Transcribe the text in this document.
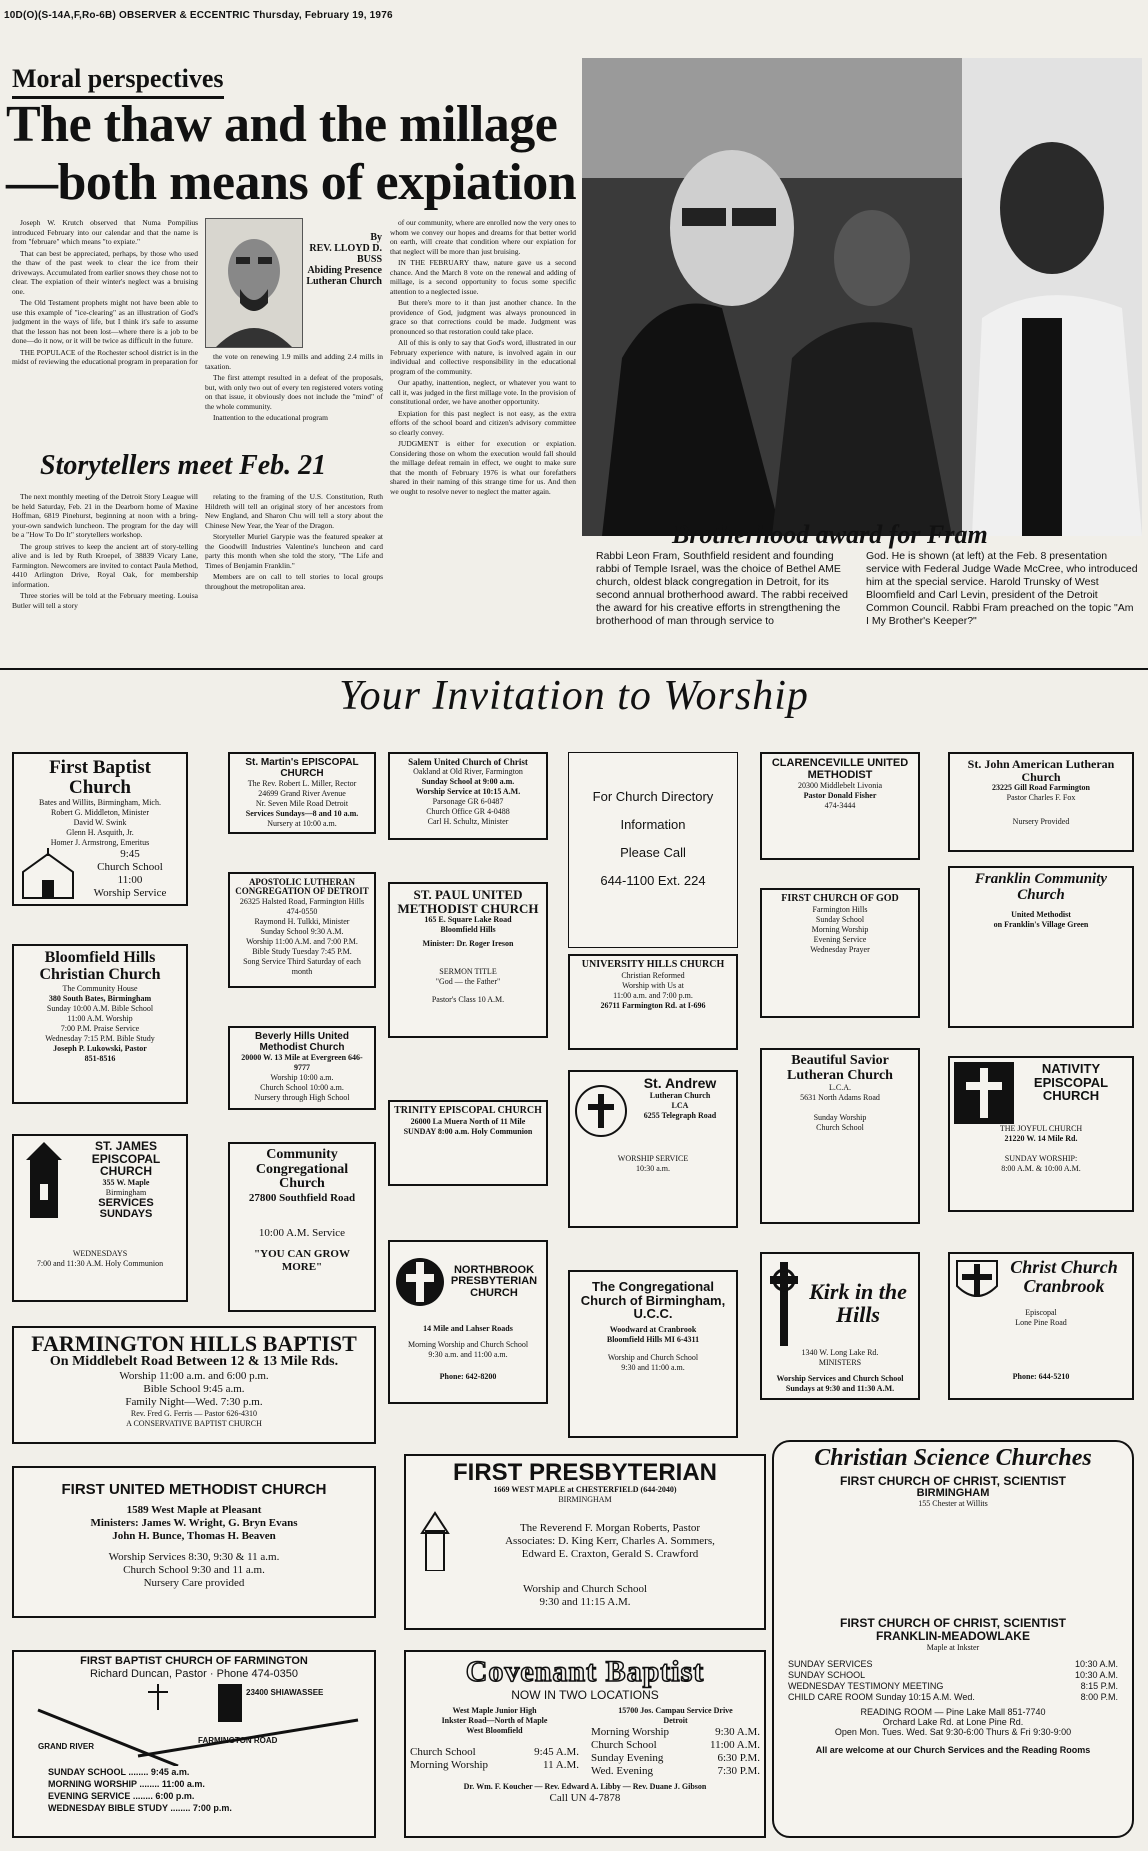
10D(O)(S-14A,F,Ro-6B) OBSERVER & ECCENTRIC Thursday, February 19, 1976
Moral perspectives
The thaw and the millage
—both means of expiation

Joseph W. Krutch observed that Numa Pompilius introduced February into our calendar and that the name is from "februare" which means "to expiate."

That can best be appreciated, perhaps, by those who used the thaw of the past week to clear the ice from their driveways. Accumulated from earlier snows they chose not to clear. The expiation of their winter's neglect was a bruising one.

The Old Testament prophets might not have been able to use this example of "ice-clearing" as an illustration of God's judgment in the ways of life, but I think it's safe to assume that the lesson has not been lost—where there is a job to be done—do it now, or it will be twice as difficult in the future.

THE POPULACE of the Rochester school district is in the midst of reviewing the educational program in preparation for

By
REV. LLOYD D. BUSS
Abiding Presence Lutheran Church

the vote on renewing 1.9 mills and adding 2.4 mills in taxation.

The first attempt resulted in a defeat of the proposals, but, with only two out of every ten registered voters voting on that issue, it obviously does not include the "mind" of the whole community.

Inattention to the educational program

of our community, where are enrolled now the very ones to whom we convey our hopes and dreams for that better world on earth, will create that condition where our expiation for that neglect will be more than just bruising.

IN THE FEBRUARY thaw, nature gave us a second chance. And the March 8 vote on the renewal and adding of millage, is a second opportunity to focus some specific attention to a neglected issue.

But there's more to it than just another chance. In the providence of God, judgment was always pronounced in grace so that corrections could be made. Judgment was pronounced so that restoration could take place.

All of this is only to say that God's word, illustrated in our February experience with nature, is involved again in our individual and collective responsibility in the educational program of the community.

Our apathy, inattention, neglect, or whatever you want to call it, was judged in the first millage vote. In the provision of constitutional order, we have another opportunity.

Expiation for this past neglect is not easy, as the extra efforts of the school board and citizen's advisory committee so clearly convey.

JUDGMENT is either for execution or expiation. Considering those on whom the execution would fall should the millage defeat remain in effect, we ought to make sure that the month of February 1976 is what our forefathers shared in their naming of this strange time for us. And then we ought to resolve never to neglect the matter again.

Storytellers meet Feb. 21

The next monthly meeting of the Detroit Story League will be held Saturday, Feb. 21 in the Dearborn home of Maxine Hoffman, 6819 Pinehurst, beginning at noon with a bring-your-own sandwich luncheon. The program for the day will be a "How To Do It" storytellers workshop.

The group strives to keep the ancient art of story-telling alive and is led by Ruth Kroepel, of 38839 Vicary Lane, Farmington. Newcomers are invited to contact Paula Method, 4410 Arlington Drive, Royal Oak, for membership information.

Three stories will be told at the February meeting. Louisa Butler will tell a story

relating to the framing of the U.S. Constitution, Ruth Hildreth will tell an original story of her ancestors from New England, and Sharon Chu will tell a story about the Chinese New Year, the Year of the Dragon.

Storyteller Muriel Garypie was the featured speaker at the Goodwill Industries Valentine's luncheon and card party this month when she told the story, "The Life and Times of Benjamin Franklin."

Members are on call to tell stories to local groups throughout the metropolitan area.

Brotherhood award for Fram
Rabbi Leon Fram, Southfield resident and founding rabbi of Temple Israel, was the choice of Bethel AME church, oldest black congregation in Detroit, for its second annual brotherhood award. The rabbi received the award for his creative efforts in strengthening the brotherhood of man through service to
God. He is shown (at left) at the Feb. 8 presentation service with Federal Judge Wade McCree, who introduced him at the special service. Harold Trunsky of West Bloomfield and Carl Levin, president of the Detroit Common Council. Rabbi Fram preached on the topic "Am I My Brother's Keeper?"
Your Invitation to Worship
First Baptist Church
Bates and Willits, Birmingham, Mich.
Robert G. Middleton, Minister
David W. Swink
Glenn H. Asquith, Jr.
Homer J. Armstrong, Emeritus
9:45
Church School
11:00
Worship Service
Bloomfield Hills Christian Church
The Community House
380 South Bates, Birmingham
Sunday 10:00 A.M. Bible School
11:00 A.M. Worship
7:00 P.M. Praise Service
Wednesday 7:15 P.M. Bible Study
Joseph P. Lukowski, Pastor
851-8516
ST. JAMES EPISCOPAL CHURCH
355 W. Maple
Birmingham
SERVICES
SUNDAYS
WEDNESDAYS
7:00 and 11:30 A.M. Holy Communion
St. Martin's EPISCOPAL CHURCH
The Rev. Robert L. Miller, Rector
24699 Grand River Avenue
Nr. Seven Mile Road Detroit
Services Sundays—8 and 10 a.m.
Nursery at 10:00 a.m.
APOSTOLIC LUTHERAN CONGREGATION OF DETROIT
26325 Halsted Road, Farmington Hills
474-0550
Raymond H. Tulkki, Minister
Sunday School 9:30 A.M.
Worship 11:00 A.M. and 7:00 P.M.
Bible Study Tuesday 7:45 P.M.
Song Service Third Saturday of each month
Beverly Hills United Methodist Church
20000 W. 13 Mile at Evergreen 646-9777
Worship 10:00 a.m.
Church School 10:00 a.m.
Nursery through High School
Community Congregational Church
27800 Southfield Road
10:00 A.M. Service
"YOU CAN GROW MORE"
Salem United Church of Christ
Oakland at Old River, Farmington
Sunday School at 9:00 a.m.
Worship Service at 10:15 A.M.
Parsonage GR 6-0487
Church Office GR 4-0488
Carl H. Schultz, Minister
ST. PAUL UNITED METHODIST CHURCH
165 E. Square Lake Road
Bloomfield Hills
Minister: Dr. Roger Ireson
SERMON TITLE
"God — the Father"
Pastor's Class 10 A.M.
TRINITY EPISCOPAL CHURCH
26000 La Muera North of 11 Mile
SUNDAY 8:00 a.m. Holy Communion
NORTHBROOK PRESBYTERIAN CHURCH
14 Mile and Lahser Roads
Morning Worship and Church School
9:30 a.m. and 11:00 a.m.
Phone: 642-8200
For Church Directory
Information
Please Call
644-1100 Ext. 224
UNIVERSITY HILLS CHURCH
Christian Reformed
Worship with Us at
11:00 a.m. and 7:00 p.m.
26711 Farmington Rd. at I-696
St. Andrew
Lutheran Church
LCA
6255 Telegraph Road
WORSHIP SERVICE
10:30 a.m.
The Congregational Church of Birmingham, U.C.C.
Woodward at Cranbrook
Bloomfield Hills MI 6-4311
Worship and Church School
9:30 and 11:00 a.m.
CLARENCEVILLE UNITED METHODIST
20300 Middlebelt Livonia
Pastor Donald Fisher
474-3444
FIRST CHURCH OF GOD
Farmington Hills
Sunday School
Morning Worship
Evening Service
Wednesday Prayer
Beautiful Savior Lutheran Church
L.C.A.
5631 North Adams Road
Sunday Worship
Church School
Kirk in the Hills
1340 W. Long Lake Rd.
MINISTERS
Worship Services and Church School
Sundays at 9:30 and 11:30 A.M.
St. John American Lutheran Church
23225 Gill Road Farmington
Pastor Charles F. Fox
Nursery Provided
Franklin Community Church
United Methodist
on Franklin's Village Green
NATIVITY EPISCOPAL CHURCH
THE JOYFUL CHURCH
21220 W. 14 Mile Rd.
SUNDAY WORSHIP:
8:00 A.M. & 10:00 A.M.
Christ Church Cranbrook
Episcopal
Lone Pine Road
Phone: 644-5210
FARMINGTON HILLS BAPTIST
On Middlebelt Road Between 12 & 13 Mile Rds.
Worship 11:00 a.m. and 6:00 p.m.
Bible School 9:45 a.m.
Family Night—Wed. 7:30 p.m.
Rev. Fred G. Ferris — Pastor 626-4310
A CONSERVATIVE BAPTIST CHURCH
FIRST UNITED METHODIST CHURCH
1589 West Maple at Pleasant
Ministers: James W. Wright, G. Bryn Evans
John H. Bunce, Thomas H. Beaven
Worship Services 8:30, 9:30 & 11 a.m.
Church School 9:30 and 11 a.m.
Nursery Care provided
FIRST BAPTIST CHURCH OF FARMINGTON
Richard Duncan, Pastor · Phone 474-0350
23400 SHIAWASSEE
FARMINGTON ROAD
GRAND RIVER
SUNDAY SCHOOL ........ 9:45 a.m.
MORNING WORSHIP ........ 11:00 a.m.
EVENING SERVICE ........ 6:00 p.m.
WEDNESDAY BIBLE STUDY ........ 7:00 p.m.
FIRST PRESBYTERIAN
1669 WEST MAPLE at CHESTERFIELD (644-2040)
BIRMINGHAM
The Reverend F. Morgan Roberts, Pastor
Associates: D. King Kerr, Charles A. Sommers,
Edward E. Craxton, Gerald S. Crawford
Worship and Church School
9:30 and 11:15 A.M.
Covenant Baptist
NOW IN TWO LOCATIONS
West Maple Junior High
Inkster Road—North of Maple
West Bloomfield
Church School	9:45 A.M.
Morning Worship	11 A.M.
15700 Jos. Campau Service Drive
Detroit
Morning Worship	9:30 A.M.
Church School	11:00 A.M.
Sunday Evening	6:30 P.M.
Wed. Evening	7:30 P.M.
Dr. Wm. F. Koucher — Rev. Edward A. Libby — Rev. Duane J. Gibson
Call UN 4-7878
Christian Science Churches
FIRST CHURCH OF CHRIST, SCIENTIST
BIRMINGHAM
155 Chester at Willits
FIRST CHURCH OF CHRIST, SCIENTIST
FRANKLIN-MEADOWLAKE
Maple at Inkster
SUNDAY SERVICES	10:30 A.M.
SUNDAY SCHOOL	10:30 A.M.
WEDNESDAY TESTIMONY MEETING	8:15 P.M.
CHILD CARE ROOM Sunday 10:15 A.M. Wed.	8:00 P.M.
READING ROOM — Pine Lake Mall 851-7740
Orchard Lake Rd. at Lone Pine Rd.
Open Mon. Tues. Wed. Sat 9:30-6:00 Thurs & Fri 9:30-9:00
All are welcome at our Church Services and the Reading Rooms
